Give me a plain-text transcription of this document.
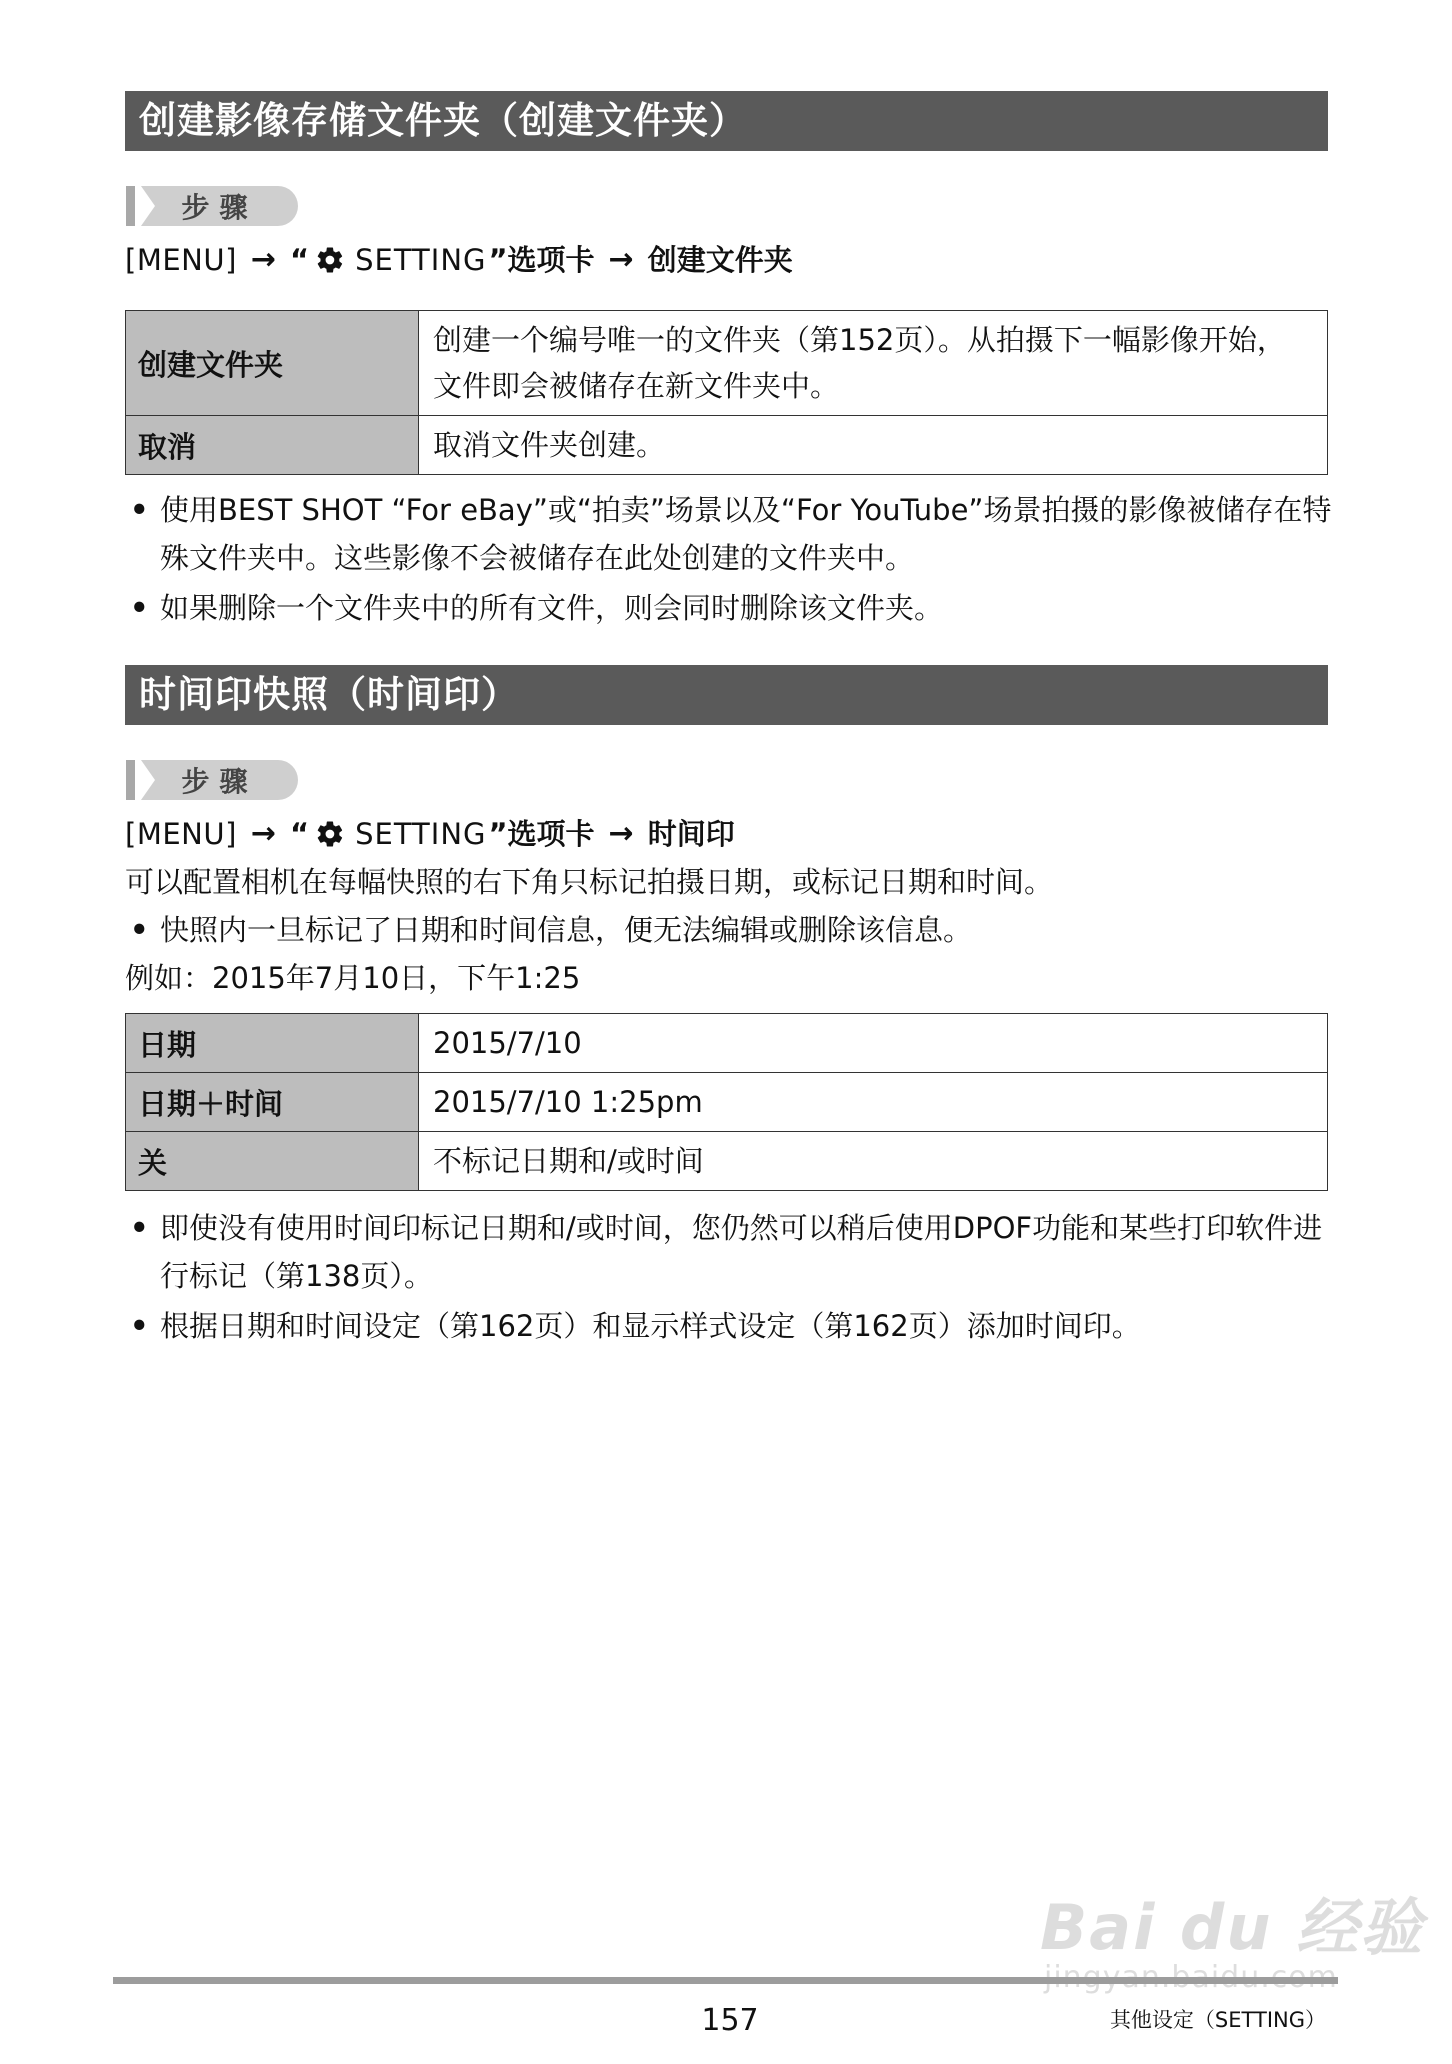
创建影像存储文件夹（创建文件夹）
步骤
[MENU] → “ SETTING ”选项卡 → 创建文件夹
创建文件夹	创建一个编号唯一的文件夹（第152页）。从拍摄下一幅影像开始，文件即会被储存在新文件夹中。
取消	取消文件夹创建。
• 使用BEST SHOT “For eBay”或“拍卖”场景以及“For YouTube”场景拍摄的影像被储存在特殊文件夹中。这些影像不会被储存在此处创建的文件夹中。
• 如果删除一个文件夹中的所有文件，则会同时删除该文件夹。
时间印快照（时间印）
步骤
[MENU] → “ SETTING ”选项卡 → 时间印
可以配置相机在每幅快照的右下角只标记拍摄日期，或标记日期和时间。
• 快照内一旦标记了日期和时间信息，便无法编辑或删除该信息。
例如：2015年7月10日，下午1:25
日期	2015/7/10
日期＋时间	2015/7/10 1:25pm
关	不标记日期和/或时间
• 即使没有使用时间印标记日期和/或时间，您仍然可以稍后使用DPOF功能和某些打印软件进行标记（第138页）。
• 根据日期和时间设定（第162页）和显示样式设定（第162页）添加时间印。
Bai du 经验
157	其他设定（SETTING）
